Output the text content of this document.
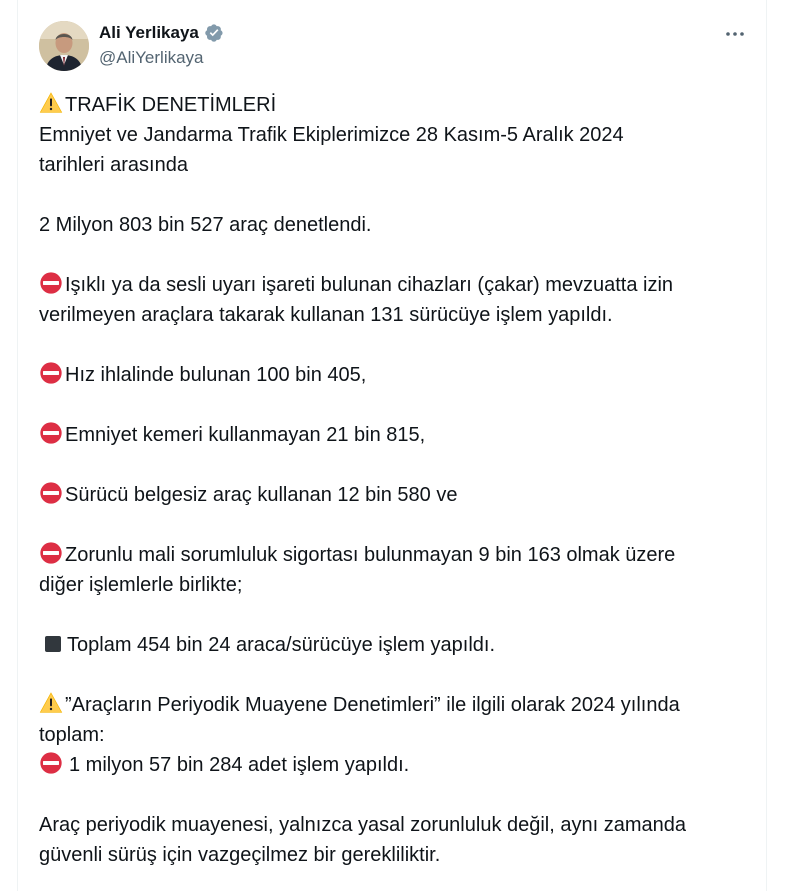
Ali Yerlikaya
@AliYerlikaya
TRAFİK DENETİMLERİ
Emniyet ve Jandarma Trafik Ekiplerimizce 28 Kasım-5 Aralık 2024
tarihleri arasında
2 Milyon 803 bin 527 araç denetlendi.
Işıklı ya da sesli uyarı işareti bulunan cihazları (çakar) mevzuatta izin
verilmeyen araçlara takarak kullanan 131 sürücüye işlem yapıldı.
Hız ihlalinde bulunan 100 bin 405,
Emniyet kemeri kullanmayan 21 bin 815,
Sürücü belgesiz araç kullanan 12 bin 580 ve
Zorunlu mali sorumluluk sigortası bulunmayan 9 bin 163 olmak üzere
diğer işlemlerle birlikte;
Toplam 454 bin 24 araca/sürücüye işlem yapıldı.
”Araçların Periyodik Muayene Denetimleri” ile ilgili olarak 2024 yılında
toplam:
1 milyon 57 bin 284 adet işlem yapıldı.
Araç periyodik muayenesi, yalnızca yasal zorunluluk değil, aynı zamanda
güvenli sürüş için vazgeçilmez bir gerekliliktir.
